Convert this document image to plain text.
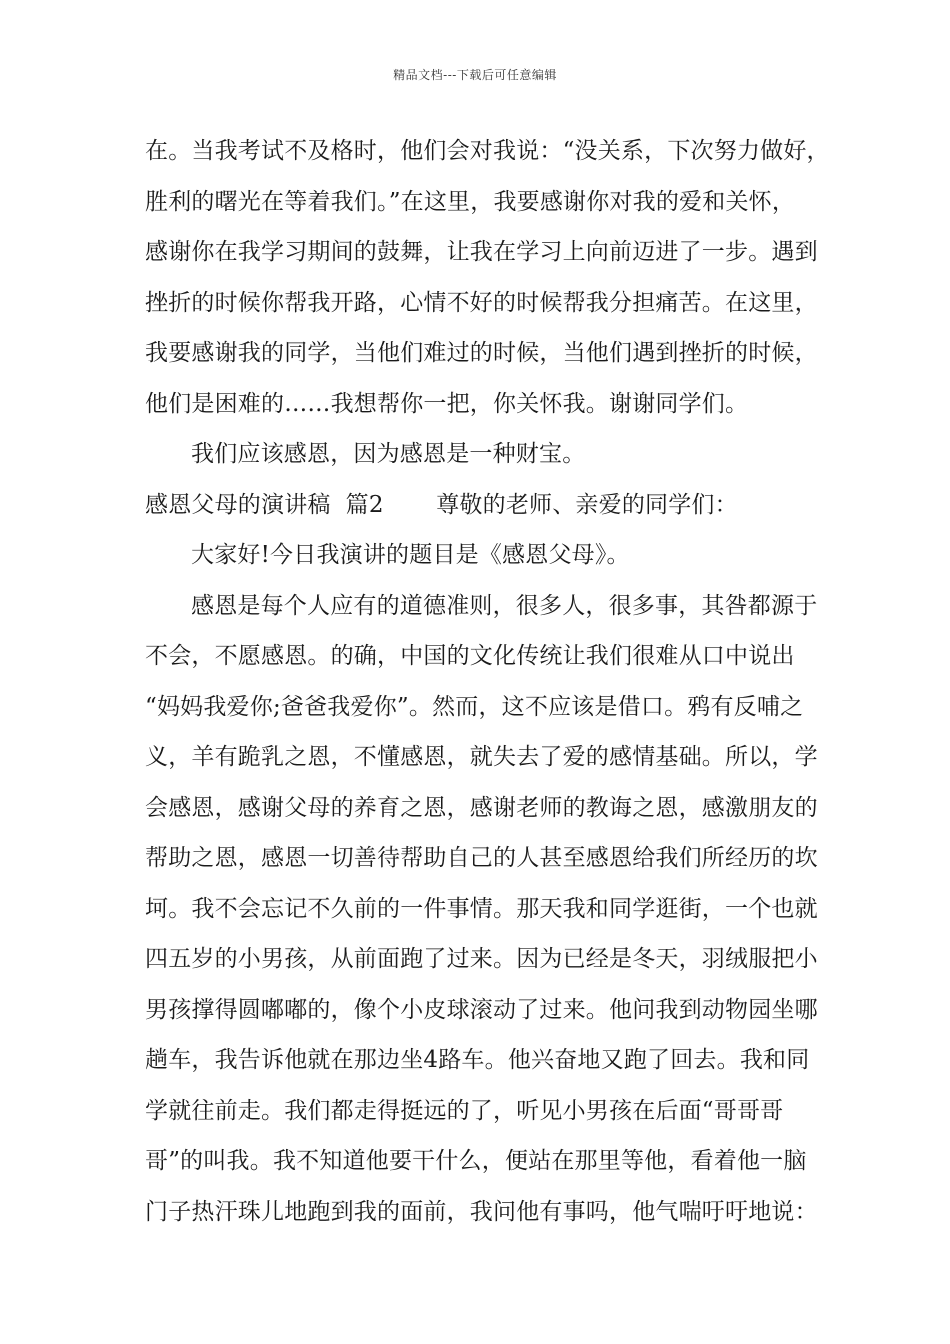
精品文档---下载后可任意编辑
在。当我考试不及格时，他们会对我说：“没关系，下次努力做好，
胜利的曙光在等着我们。”在这里，我要感谢你对我的爱和关怀，
感谢你在我学习期间的鼓舞，让我在学习上向前迈进了一步。遇到
挫折的时候你帮我开路，心情不好的时候帮我分担痛苦。在这里，
我要感谢我的同学，当他们难过的时候，当他们遇到挫折的时候，
他们是困难的……我想帮你一把，你关怀我。谢谢同学们。
我们应该感恩，因为感恩是一种财宝。
感恩父母的演讲稿  篇2       尊敬的老师、亲爱的同学们：
大家好!今日我演讲的题目是《感恩父母》。
感恩是每个人应有的道德准则，很多人，很多事，其咎都源于
不会，不愿感恩。的确，中国的文化传统让我们很难从口中说出
“妈妈我爱你;爸爸我爱你”。然而，这不应该是借口。鸦有反哺之
义，羊有跪乳之恩，不懂感恩，就失去了爱的感情基础。所以，学
会感恩，感谢父母的养育之恩，感谢老师的教诲之恩，感激朋友的
帮助之恩，感恩一切善待帮助自己的人甚至感恩给我们所经历的坎
坷。我不会忘记不久前的一件事情。那天我和同学逛街，一个也就
四五岁的小男孩，从前面跑了过来。因为已经是冬天，羽绒服把小
男孩撑得圆嘟嘟的，像个小皮球滚动了过来。他问我到动物园坐哪
趟车，我告诉他就在那边坐4路车。他兴奋地又跑了回去。我和同
学就往前走。我们都走得挺远的了，听见小男孩在后面“哥哥哥
哥”的叫我。我不知道他要干什么，便站在那里等他，看着他一脑
门子热汗珠儿地跑到我的面前，我问他有事吗，他气喘吁吁地说：
